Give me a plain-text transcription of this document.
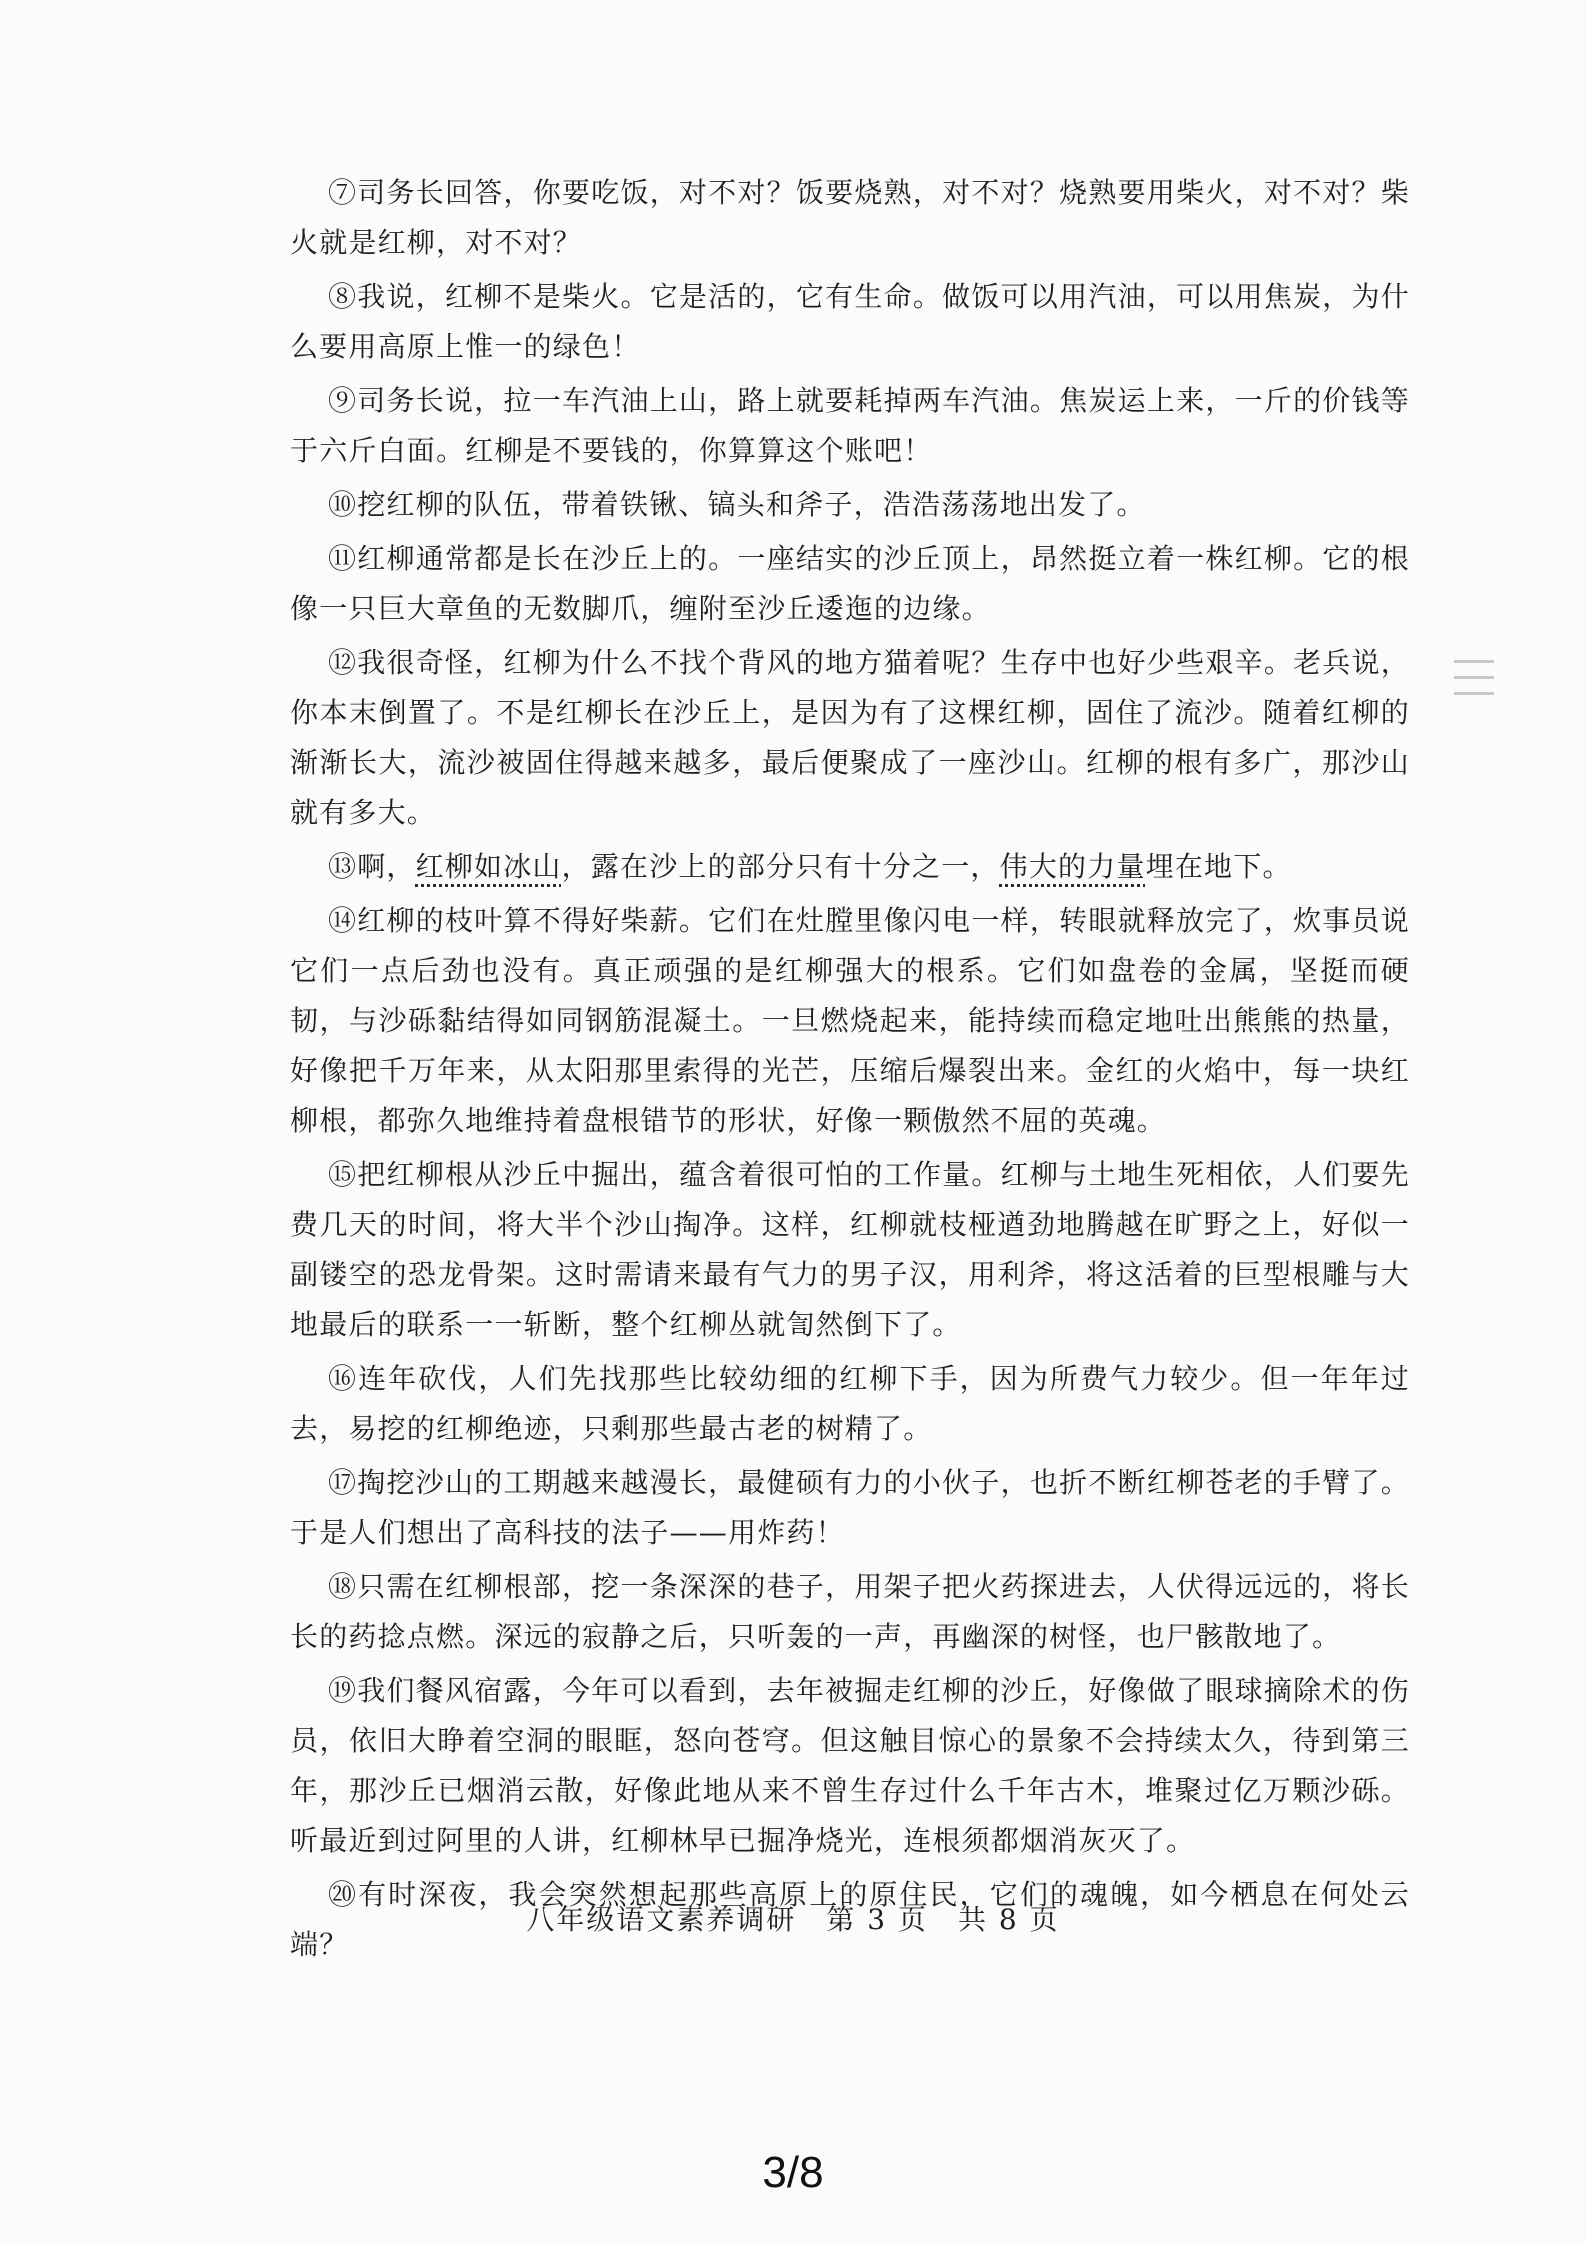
⑦司务长回答，你要吃饭，对不对？饭要烧熟，对不对？烧熟要用柴火，对不对？柴火就是红柳，对不对？

⑧我说，红柳不是柴火。它是活的，它有生命。做饭可以用汽油，可以用焦炭，为什么要用高原上惟一的绿色！

⑨司务长说，拉一车汽油上山，路上就要耗掉两车汽油。焦炭运上来，一斤的价钱等于六斤白面。红柳是不要钱的，你算算这个账吧！

⑩挖红柳的队伍，带着铁锹、镐头和斧子，浩浩荡荡地出发了。

⑪红柳通常都是长在沙丘上的。一座结实的沙丘顶上，昂然挺立着一株红柳。它的根像一只巨大章鱼的无数脚爪，缠附至沙丘逶迤的边缘。

⑫我很奇怪，红柳为什么不找个背风的地方猫着呢？生存中也好少些艰辛。老兵说，你本末倒置了。不是红柳长在沙丘上，是因为有了这棵红柳，固住了流沙。随着红柳的渐渐长大，流沙被固住得越来越多，最后便聚成了一座沙山。红柳的根有多广，那沙山就有多大。

⑬啊，红柳如冰山，露在沙上的部分只有十分之一，伟大的力量埋在地下。

⑭红柳的枝叶算不得好柴薪。它们在灶膛里像闪电一样，转眼就释放完了，炊事员说它们一点后劲也没有。真正顽强的是红柳强大的根系。它们如盘卷的金属，坚挺而硬韧，与沙砾黏结得如同钢筋混凝土。一旦燃烧起来，能持续而稳定地吐出熊熊的热量，好像把千万年来，从太阳那里索得的光芒，压缩后爆裂出来。金红的火焰中，每一块红柳根，都弥久地维持着盘根错节的形状，好像一颗傲然不屈的英魂。

⑮把红柳根从沙丘中掘出，蕴含着很可怕的工作量。红柳与土地生死相依，人们要先费几天的时间，将大半个沙山掏净。这样，红柳就枝桠遒劲地腾越在旷野之上，好似一副镂空的恐龙骨架。这时需请来最有气力的男子汉，用利斧，将这活着的巨型根雕与大地最后的联系一一斩断，整个红柳丛就訇然倒下了。

⑯连年砍伐，人们先找那些比较幼细的红柳下手，因为所费气力较少。但一年年过去，易挖的红柳绝迹，只剩那些最古老的树精了。

⑰掏挖沙山的工期越来越漫长，最健硕有力的小伙子，也折不断红柳苍老的手臂了。于是人们想出了高科技的法子——用炸药！

⑱只需在红柳根部，挖一条深深的巷子，用架子把火药探进去，人伏得远远的，将长长的药捻点燃。深远的寂静之后，只听轰的一声，再幽深的树怪，也尸骸散地了。

⑲我们餐风宿露，今年可以看到，去年被掘走红柳的沙丘，好像做了眼球摘除术的伤员，依旧大睁着空洞的眼眶，怒向苍穹。但这触目惊心的景象不会持续太久，待到第三年，那沙丘已烟消云散，好像此地从来不曾生存过什么千年古木，堆聚过亿万颗沙砾。听最近到过阿里的人讲，红柳林早已掘净烧光，连根须都烟消灰灭了。

⑳有时深夜，我会突然想起那些高原上的原住民，它们的魂魄，如今栖息在何处云端？

八年级语文素养调研　第 3 页　共 8 页
3/8
